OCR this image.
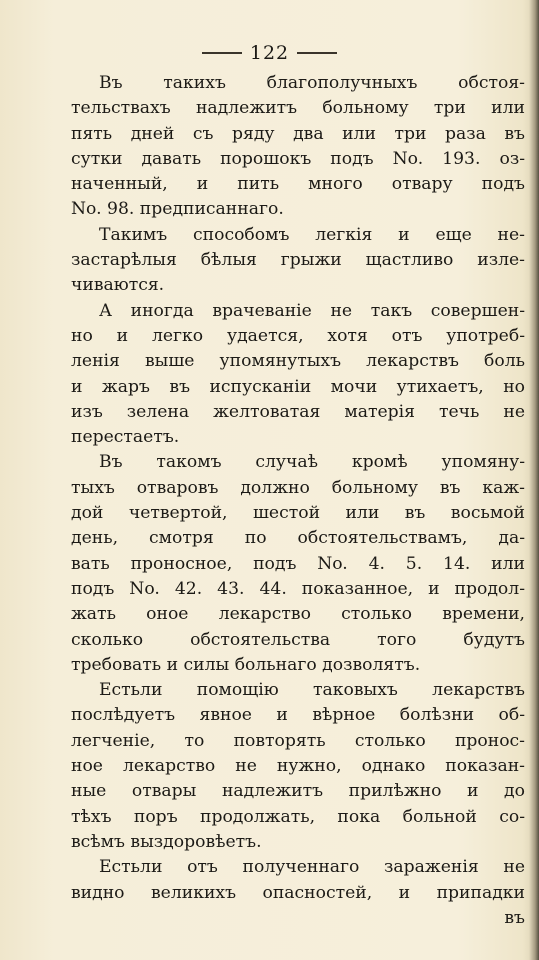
122
Въ такихъ благополучныхъ обстоя-
тельствахъ надлежитъ больному три или
пять дней съ ряду два или три раза въ
сутки давать порошокъ подъ No. 193. оз-
наченный, и пить много отвару подъ
No. 98. предписаннаго.
Такимъ способомъ легкія и еще не-
застарѣлыя бѣлыя грыжи щастливо изле-
чиваются.
А иногда врачеваніе не такъ совершен-
но и легко удается, хотя отъ употреб-
ленія выше упомянутыхъ лекарствъ боль
и жаръ въ испусканіи мочи утихаетъ, но
изъ зелена желтоватая матерія течь не
перестаетъ.
Въ такомъ случаѣ кромѣ упомяну-
тыхъ отваровъ должно больному въ каж-
дой четвертой, шестой или въ восьмой
день, смотря по обстоятельствамъ, да-
вать проносное, подъ No. 4. 5. 14. или
подъ No. 42. 43. 44. показанное, и продол-
жать оное лекарство столько времени,
сколько обстоятельства того будутъ
требовать и силы больнаго дозволятъ.
Естьли помощію таковыхъ лекарствъ
послѣдуетъ явное и вѣрное болѣзни об-
легченіе, то повторять столько пронос-
ное лекарство не нужно, однако показан-
ные отвары надлежитъ прилѣжно и до
тѣхъ поръ продолжать, пока больной со-
всѣмъ выздоровѣетъ.
Естьли отъ полученнаго зараженія не
видно великихъ опасностей, и припадки
въ
